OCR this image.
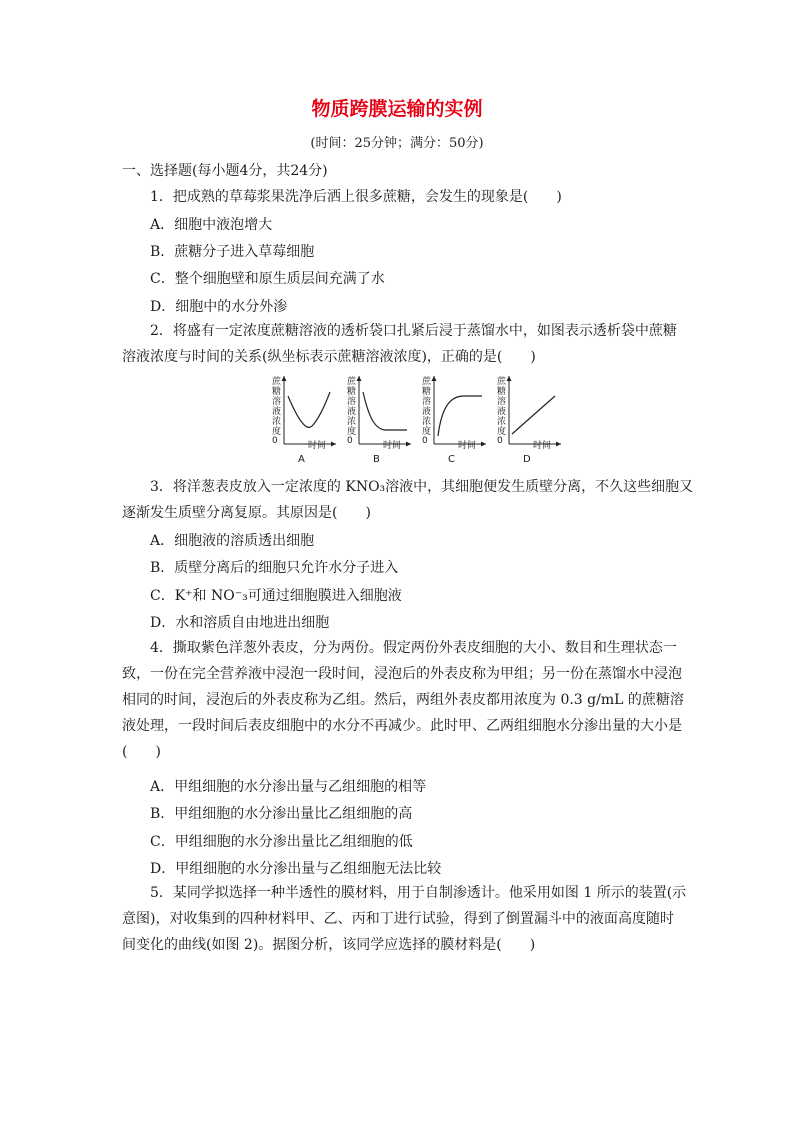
物质跨膜运输的实例
(时间：25分钟；满分：50分)
一、选择题(每小题4分，共24分)
1．把成熟的草莓浆果洗净后洒上很多蔗糖，会发生的现象是(　　)
A．细胞中液泡增大
B．蔗糖分子进入草莓细胞
C．整个细胞壁和原生质层间充满了水
D．细胞中的水分外渗
2．将盛有一定浓度蔗糖溶液的透析袋口扎紧后浸于蒸馏水中，如图表示透析袋中蔗糖
溶液浓度与时间的关系(纵坐标表示蔗糖溶液浓度)，正确的是(　　)
蔗糖溶液浓度
0	时间
A
蔗糖溶液浓度
0	时间
B
蔗糖溶液浓度
0	时间
C
蔗糖溶液浓度
0	时间
D
3．将洋葱表皮放入一定浓度的 KNO₃溶液中，其细胞便发生质壁分离，不久这些细胞又
逐渐发生质壁分离复原。其原因是(　　)
A．细胞液的溶质透出细胞
B．质壁分离后的细胞只允许水分子进入
C．K⁺和 NO⁻₃可通过细胞膜进入细胞液
D．水和溶质自由地进出细胞
4．撕取紫色洋葱外表皮，分为两份。假定两份外表皮细胞的大小、数目和生理状态一
致，一份在完全营养液中浸泡一段时间，浸泡后的外表皮称为甲组；另一份在蒸馏水中浸泡
相同的时间，浸泡后的外表皮称为乙组。然后，两组外表皮都用浓度为 0.3 g/mL 的蔗糖溶
液处理，一段时间后表皮细胞中的水分不再减少。此时甲、乙两组细胞水分渗出量的大小是
(　　)
A．甲组细胞的水分渗出量与乙组细胞的相等
B．甲组细胞的水分渗出量比乙组细胞的高
C．甲组细胞的水分渗出量比乙组细胞的低
D．甲组细胞的水分渗出量与乙组细胞无法比较
5．某同学拟选择一种半透性的膜材料，用于自制渗透计。他采用如图 1 所示的装置(示
意图)，对收集到的四种材料甲、乙、丙和丁进行试验，得到了倒置漏斗中的液面高度随时
间变化的曲线(如图 2)。据图分析，该同学应选择的膜材料是(　　)
